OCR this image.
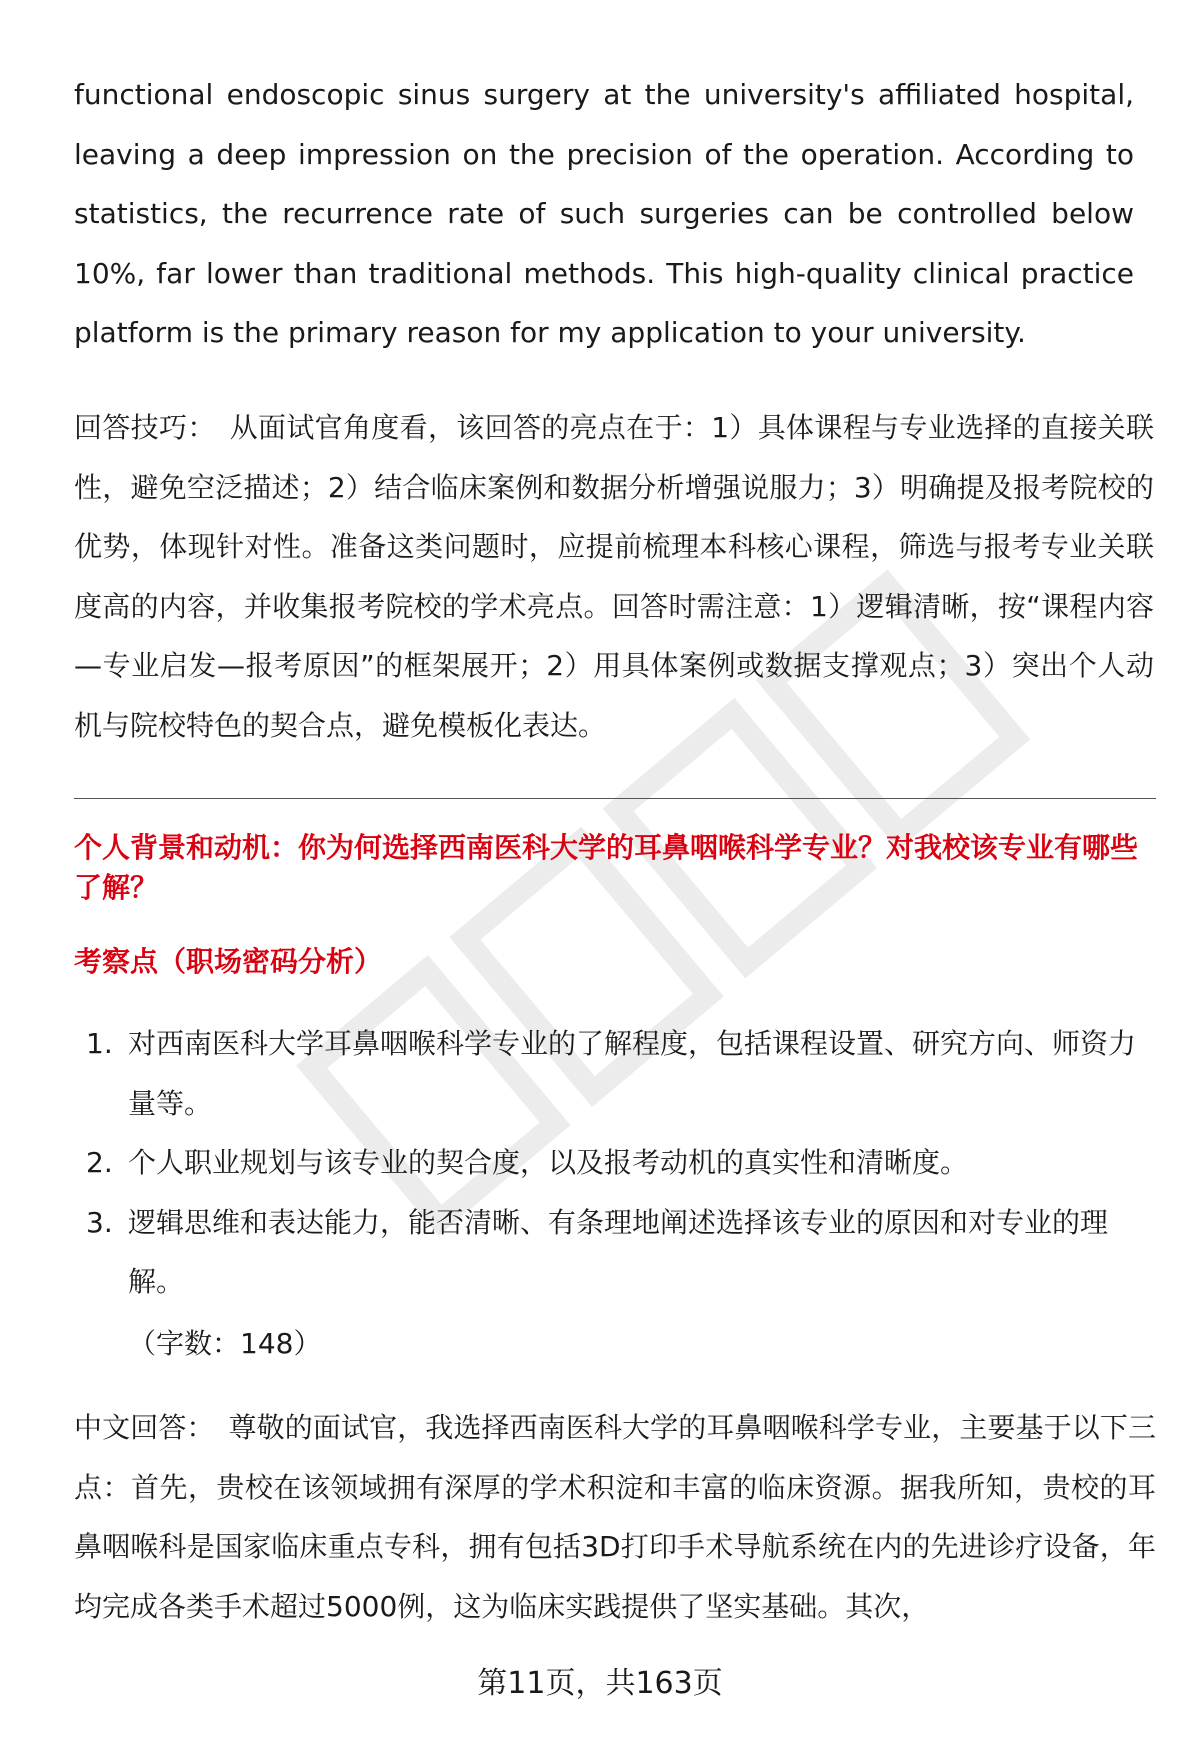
functional endoscopic sinus surgery at the university's affiliated hospital, leaving a deep impression on the precision of the operation. According to statistics, the recurrence rate of such surgeries can be controlled below 10%, far lower than traditional methods. This high-quality clinical practice platform is the primary reason for my application to your university.

回答技巧： 从面试官角度看，该回答的亮点在于：1）具体课程与专业选择的直接关联性，避免空泛描述；2）结合临床案例和数据分析增强说服力；3）明确提及报考院校的优势，体现针对性。准备这类问题时，应提前梳理本科核心课程，筛选与报考专业关联度高的内容，并收集报考院校的学术亮点。回答时需注意：1）逻辑清晰，按“课程内容—专业启发—报考原因”的框架展开；2）用具体案例或数据支撑观点；3）突出个人动机与院校特色的契合点，避免模板化表达。

个人背景和动机：你为何选择西南医科大学的耳鼻咽喉科学专业？对我校该专业有哪些了解？
考察点（职场密码分析）
1. 对西南医科大学耳鼻咽喉科学专业的了解程度，包括课程设置、研究方向、师资力量等。
2. 个人职业规划与该专业的契合度，以及报考动机的真实性和清晰度。
3. 逻辑思维和表达能力，能否清晰、有条理地阐述选择该专业的原因和对专业的理解。
（字数：148）

中文回答： 尊敬的面试官，我选择西南医科大学的耳鼻咽喉科学专业，主要基于以下三点：首先，贵校在该领域拥有深厚的学术积淀和丰富的临床资源。据我所知，贵校的耳鼻咽喉科是国家临床重点专科，拥有包括3D打印手术导航系统在内的先进诊疗设备，年均完成各类手术超过5000例，这为临床实践提供了坚实基础。其次，

第11页，共163页
